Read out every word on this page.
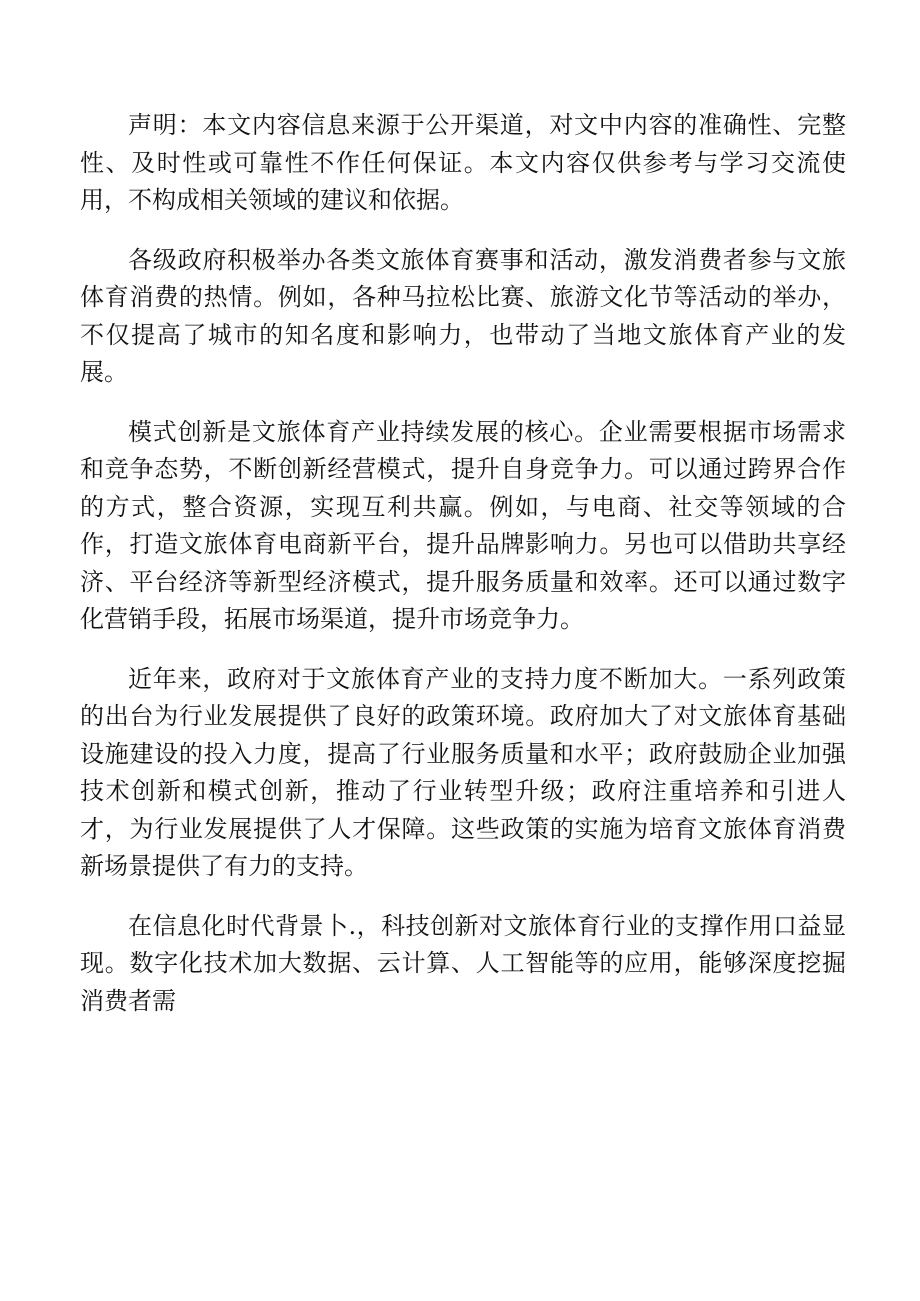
声明：本文内容信息来源于公开渠道，对文中内容的准确性、完整性、及时性或可靠性不作任何保证。本文内容仅供参考与学习交流使用，不构成相关领域的建议和依据。

各级政府积极举办各类文旅体育赛事和活动，激发消费者参与文旅体育消费的热情。例如，各种马拉松比赛、旅游文化节等活动的举办，不仅提高了城市的知名度和影响力，也带动了当地文旅体育产业的发展。

模式创新是文旅体育产业持续发展的核心。企业需要根据市场需求和竞争态势，不断创新经营模式，提升自身竞争力。可以通过跨界合作的方式，整合资源，实现互利共赢。例如，与电商、社交等领域的合作，打造文旅体育电商新平台，提升品牌影响力。另也可以借助共享经济、平台经济等新型经济模式，提升服务质量和效率。还可以通过数字化营销手段，拓展市场渠道，提升市场竞争力。

近年来，政府对于文旅体育产业的支持力度不断加大。一系列政策的出台为行业发展提供了良好的政策环境。政府加大了对文旅体育基础设施建设的投入力度，提高了行业服务质量和水平；政府鼓励企业加强技术创新和模式创新，推动了行业转型升级；政府注重培养和引进人才，为行业发展提供了人才保障。这些政策的实施为培育文旅体育消费新场景提供了有力的支持。

在信息化时代背景卜.，科技创新对文旅体育行业的支撑作用口益显现。数字化技术加大数据、云计算、人工智能等的应用，能够深度挖掘消费者需
